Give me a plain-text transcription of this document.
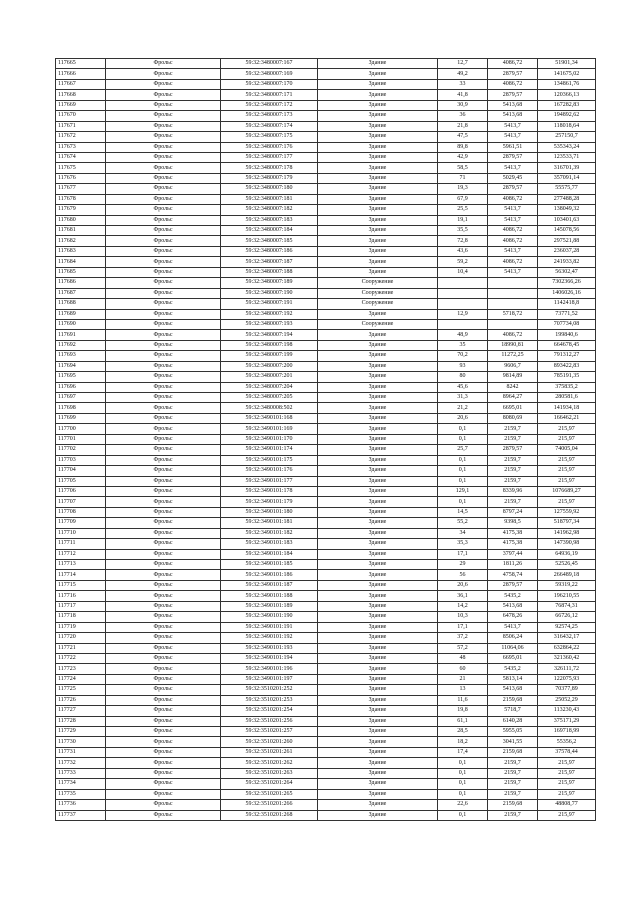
117665	Фрольс	59:32:3480007:167	Здание	12,7	4086,72	51901,34
117666	Фрольс	59:32:3480007:169	Здание	49,2	2879,57	141675,02
117667	Фрольс	59:32:3480007:170	Здание	33	4086,72	134861,76
117668	Фрольс	59:32:3480007:171	Здание	41,8	2879,57	120366,13
117669	Фрольс	59:32:3480007:172	Здание	30,9	5413,68	167282,83
117670	Фрольс	59:32:3480007:173	Здание	36	5413,68	194892,62
117671	Фрольс	59:32:3480007:174	Здание	21,8	5413,7	118018,64
117672	Фрольс	59:32:3480007:175	Здание	47,5	5413,7	257150,7
117673	Фрольс	59:32:3480007:176	Здание	89,8	5961,51	535343,24
117674	Фрольс	59:32:3480007:177	Здание	42,9	2879,57	123533,71
117675	Фрольс	59:32:3480007:178	Здание	58,5	5413,7	316701,39
117676	Фрольс	59:32:3480007:179	Здание	71	5029,45	357091,14
117677	Фрольс	59:32:3480007:180	Здание	19,3	2879,57	55575,77
117678	Фрольс	59:32:3480007:181	Здание	67,9	4086,72	277488,28
117679	Фрольс	59:32:3480007:182	Здание	25,5	5413,7	138049,32
117680	Фрольс	59:32:3480007:183	Здание	19,1	5413,7	103401,63
117681	Фрольс	59:32:3480007:184	Здание	35,5	4086,72	145078,56
117682	Фрольс	59:32:3480007:185	Здание	72,8	4086,72	297521,88
117683	Фрольс	59:32:3480007:186	Здание	43,6	5413,7	236037,28
117684	Фрольс	59:32:3480007:187	Здание	59,2	4086,72	241933,82
117685	Фрольс	59:32:3480007:188	Здание	10,4	5413,7	56302,47
117686	Фрольс	59:32:3480007:189	Сооружение			7302366,26
117687	Фрольс	59:32:3480007:190	Сооружение			1406026,16
117688	Фрольс	59:32:3480007:191	Сооружение			1142418,8
117689	Фрольс	59:32:3480007:192	Здание	12,9	5718,72	73771,52
117690	Фрольс	59:32:3480007:193	Сооружение			707734,08
117691	Фрольс	59:32:3480007:194	Здание	48,9	4086,72	199840,6
117692	Фрольс	59:32:3480007:198	Здание	35	18990,81	664678,45
117693	Фрольс	59:32:3480007:199	Здание	70,2	11272,25	791312,27
117694	Фрольс	59:32:3480007:200	Здание	93	9606,7	893422,83
117695	Фрольс	59:32:3480007:201	Здание	80	9814,89	785191,35
117696	Фрольс	59:32:3480007:204	Здание	45,6	8242	375835,2
117697	Фрольс	59:32:3480007:205	Здание	31,3	8964,27	280581,6
117698	Фрольс	59:32:3480008:502	Здание	21,2	6695,01	141934,18
117699	Фрольс	59:32:3490101:168	Здание	20,6	8080,69	166462,21
117700	Фрольс	59:32:3490101:169	Здание	0,1	2159,7	215,97
117701	Фрольс	59:32:3490101:170	Здание	0,1	2159,7	215,97
117702	Фрольс	59:32:3490101:174	Здание	25,7	2879,57	74005,04
117703	Фрольс	59:32:3490101:175	Здание	0,1	2159,7	215,97
117704	Фрольс	59:32:3490101:176	Здание	0,1	2159,7	215,97
117705	Фрольс	59:32:3490101:177	Здание	0,1	2159,7	215,97
117706	Фрольс	59:32:3490101:178	Здание	129,1	8339,96	1076689,27
117707	Фрольс	59:32:3490101:179	Здание	0,1	2159,7	215,97
117708	Фрольс	59:32:3490101:180	Здание	14,5	8797,24	127559,92
117709	Фрольс	59:32:3490101:181	Здание	55,2	9398,5	518797,34
117710	Фрольс	59:32:3490101:182	Здание	34	4175,38	141962,98
117711	Фрольс	59:32:3490101:183	Здание	35,3	4175,38	147390,98
117712	Фрольс	59:32:3490101:184	Здание	17,1	3797,44	64936,19
117713	Фрольс	59:32:3490101:185	Здание	29	1811,26	52526,45
117714	Фрольс	59:32:3490101:186	Здание	56	4758,74	266489,18
117715	Фрольс	59:32:3490101:187	Здание	20,6	2879,57	59319,22
117716	Фрольс	59:32:3490101:188	Здание	36,1	5435,2	196210,55
117717	Фрольс	59:32:3490101:189	Здание	14,2	5413,68	76874,31
117718	Фрольс	59:32:3490101:190	Здание	10,3	6478,26	66726,12
117719	Фрольс	59:32:3490101:191	Здание	17,1	5413,7	92574,25
117720	Фрольс	59:32:3490101:192	Здание	37,2	8506,24	316432,17
117721	Фрольс	59:32:3490101:193	Здание	57,2	11064,06	632864,22
117722	Фрольс	59:32:3490101:194	Здание	48	6695,01	321360,42
117723	Фрольс	59:32:3490101:196	Здание	60	5435,2	326111,72
117724	Фрольс	59:32:3490101:197	Здание	21	5813,14	122075,93
117725	Фрольс	59:32:3510201:252	Здание	13	5413,68	70377,89
117726	Фрольс	59:32:3510201:253	Здание	11,6	2159,68	25052,29
117727	Фрольс	59:32:3510201:254	Здание	19,8	5718,7	113230,43
117728	Фрольс	59:32:3510201:256	Здание	61,1	6140,28	375171,29
117729	Фрольс	59:32:3510201:257	Здание	28,5	5955,05	169718,99
117730	Фрольс	59:32:3510201:260	Здание	18,2	3041,55	55356,2
117731	Фрольс	59:32:3510201:261	Здание	17,4	2159,68	37578,44
117732	Фрольс	59:32:3510201:262	Здание	0,1	2159,7	215,97
117733	Фрольс	59:32:3510201:263	Здание	0,1	2159,7	215,97
117734	Фрольс	59:32:3510201:264	Здание	0,1	2159,7	215,97
117735	Фрольс	59:32:3510201:265	Здание	0,1	2159,7	215,97
117736	Фрольс	59:32:3510201:266	Здание	22,6	2159,68	48808,77
117737	Фрольс	59:32:3510201:268	Здание	0,1	2159,7	215,97
